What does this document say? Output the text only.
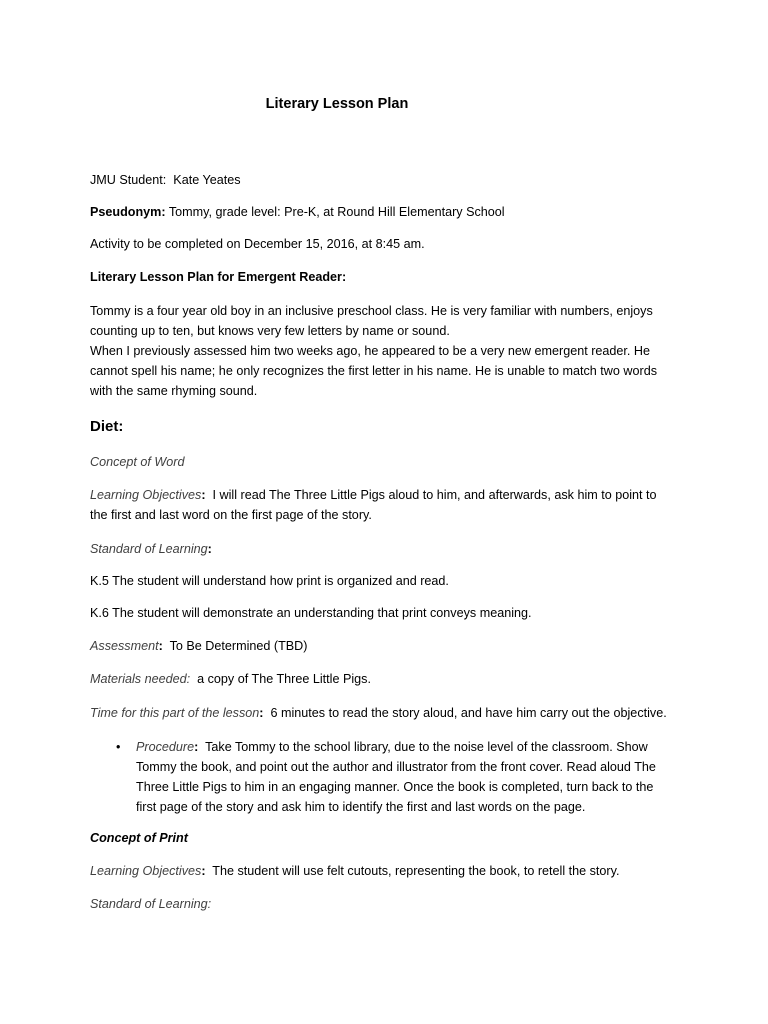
Literary Lesson Plan

JMU Student: Kate Yeates

Pseudonym: Tommy, grade level: Pre-K, at Round Hill Elementary School

Activity to be completed on December 15, 2016, at 8:45 am.

Literary Lesson Plan for Emergent Reader:

Tommy is a four year old boy in an inclusive preschool class. He is very familiar with numbers, enjoys

counting up to ten, but knows very few letters by name or sound.

When I previously assessed him two weeks ago, he appeared to be a very new emergent reader. He

cannot spell his name; he only recognizes the first letter in his name. He is unable to match two words

with the same rhyming sound.

Diet:

Concept of Word

Learning Objectives: I will read The Three Little Pigs aloud to him, and afterwards, ask him to point to

the first and last word on the first page of the story.

Standard of Learning:

K.5 The student will understand how print is organized and read.

K.6 The student will demonstrate an understanding that print conveys meaning.

Assessment: To Be Determined (TBD)

Materials needed: a copy of The Three Little Pigs.

Time for this part of the lesson: 6 minutes to read the story aloud, and have him carry out the objective.

• Procedure: Take Tommy to the school library, due to the noise level of the classroom. Show
Tommy the book, and point out the author and illustrator from the front cover. Read aloud The
Three Little Pigs to him in an engaging manner. Once the book is completed, turn back to the
first page of the story and ask him to identify the first and last words on the page.

Concept of Print

Learning Objectives: The student will use felt cutouts, representing the book, to retell the story.

Standard of Learning:
